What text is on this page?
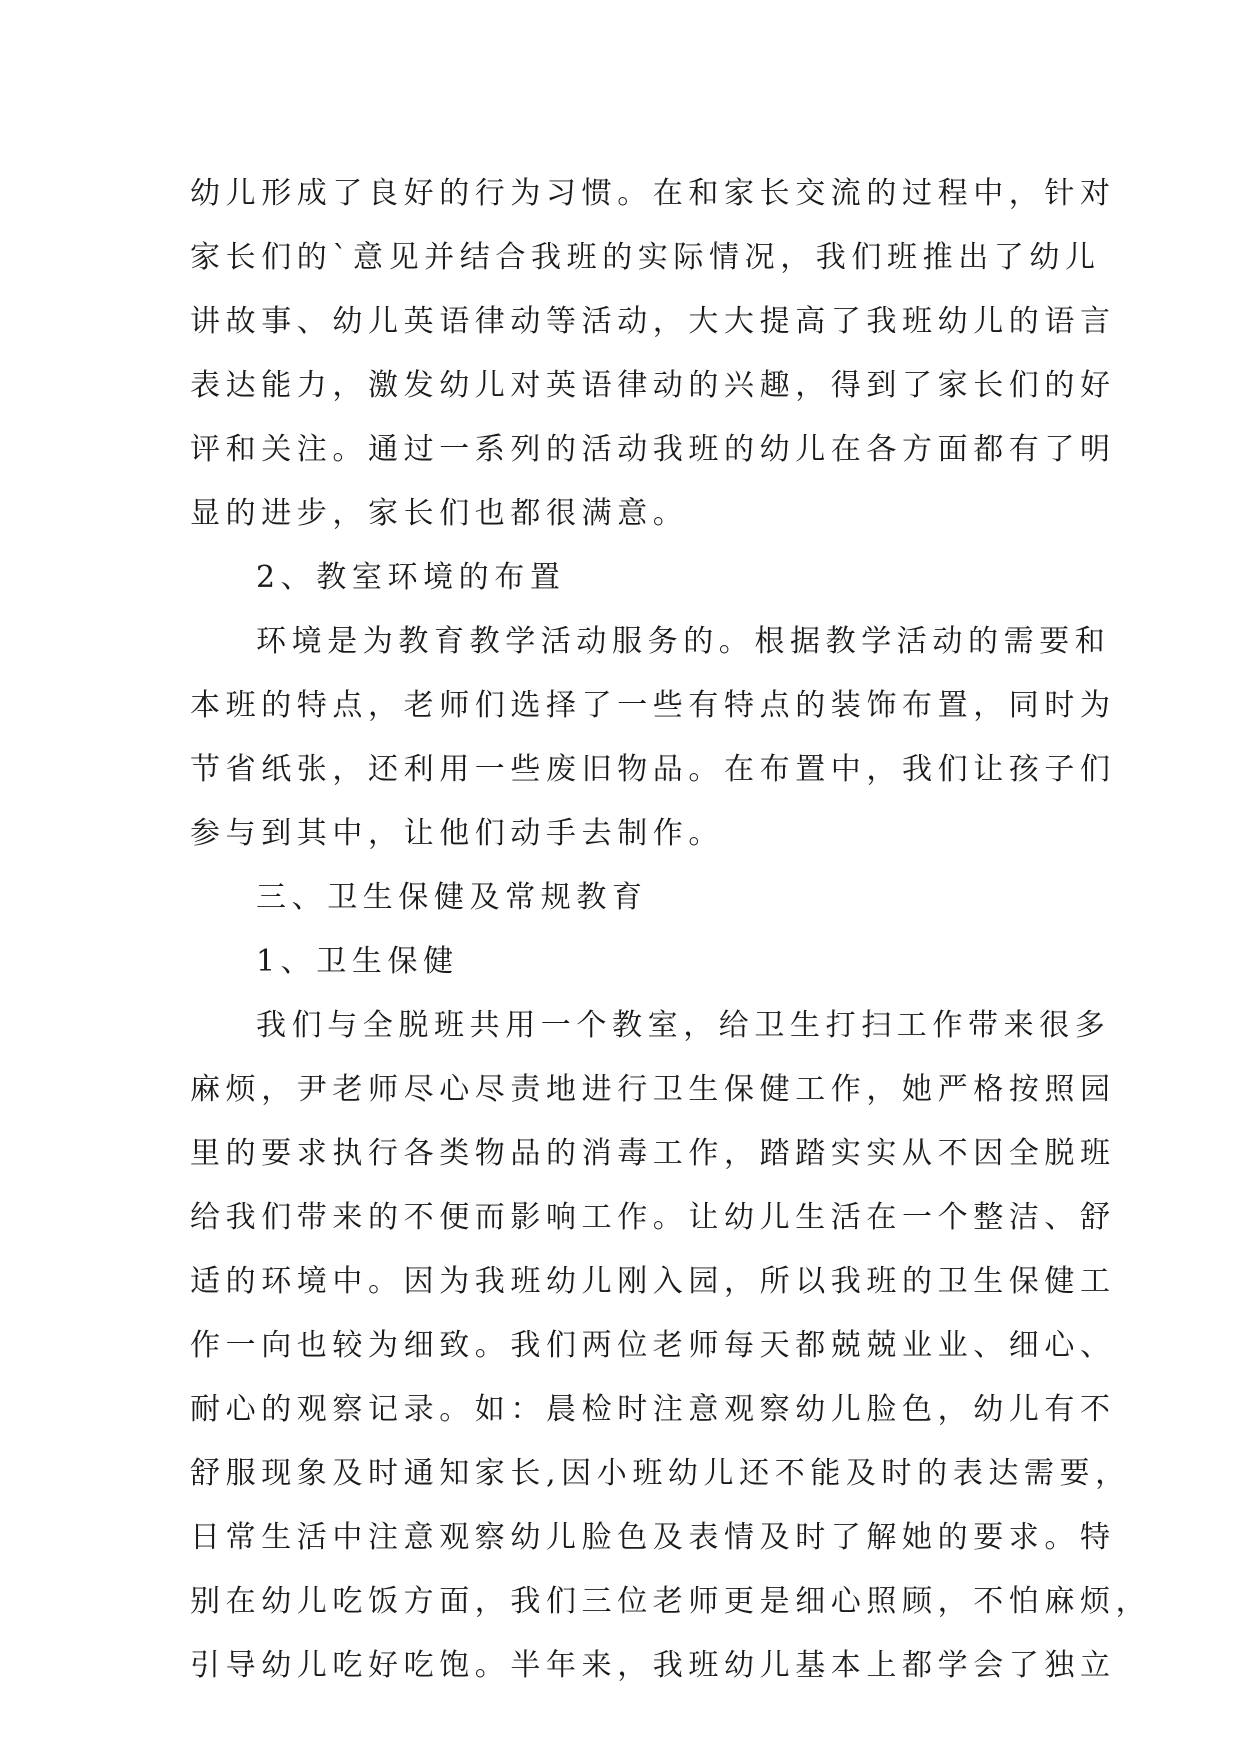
幼儿形成了良好的行为习惯。在和家长交流的过程中，针对
家长们的`意见并结合我班的实际情况，我们班推出了幼儿
讲故事、幼儿英语律动等活动，大大提高了我班幼儿的语言
表达能力，激发幼儿对英语律动的兴趣，得到了家长们的好
评和关注。通过一系列的活动我班的幼儿在各方面都有了明
显的进步，家长们也都很满意。
2、教室环境的布置
环境是为教育教学活动服务的。根据教学活动的需要和
本班的特点，老师们选择了一些有特点的装饰布置，同时为
节省纸张，还利用一些废旧物品。在布置中，我们让孩子们
参与到其中，让他们动手去制作。
三、卫生保健及常规教育
1、卫生保健
我们与全脱班共用一个教室，给卫生打扫工作带来很多
麻烦，尹老师尽心尽责地进行卫生保健工作，她严格按照园
里的要求执行各类物品的消毒工作，踏踏实实从不因全脱班
给我们带来的不便而影响工作。让幼儿生活在一个整洁、舒
适的环境中。因为我班幼儿刚入园，所以我班的卫生保健工
作一向也较为细致。我们两位老师每天都兢兢业业、细心、
耐心的观察记录。如：晨检时注意观察幼儿脸色，幼儿有不
舒服现象及时通知家长,因小班幼儿还不能及时的表达需要，
日常生活中注意观察幼儿脸色及表情及时了解她的要求。特
别在幼儿吃饭方面，我们三位老师更是细心照顾，不怕麻烦，
引导幼儿吃好吃饱。半年来，我班幼儿基本上都学会了独立
